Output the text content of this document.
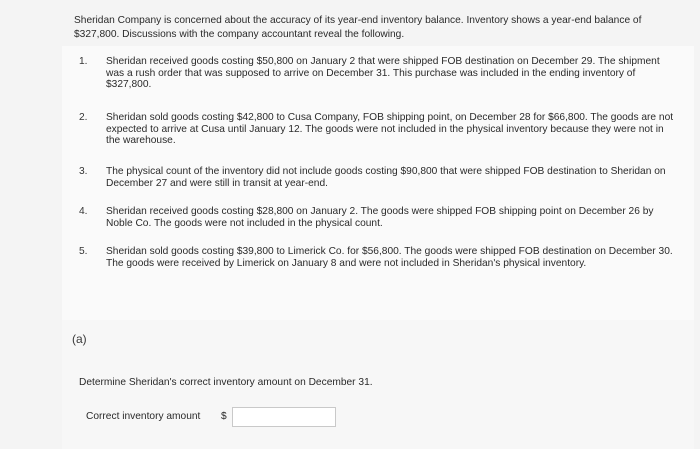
Sheridan Company is concerned about the accuracy of its year-end inventory balance. Inventory shows a year-end balance of $327,800. Discussions with the company accountant reveal the following.
1. Sheridan received goods costing $50,800 on January 2 that were shipped FOB destination on December 29. The shipment was a rush order that was supposed to arrive on December 31. This purchase was included in the ending inventory of $327,800.
2. Sheridan sold goods costing $42,800 to Cusa Company, FOB shipping point, on December 28 for $66,800. The goods are not expected to arrive at Cusa until January 12. The goods were not included in the physical inventory because they were not in the warehouse.
3. The physical count of the inventory did not include goods costing $90,800 that were shipped FOB destination to Sheridan on December 27 and were still in transit at year-end.
4. Sheridan received goods costing $28,800 on January 2. The goods were shipped FOB shipping point on December 26 by Noble Co. The goods were not included in the physical count.
5. Sheridan sold goods costing $39,800 to Limerick Co. for $56,800. The goods were shipped FOB destination on December 30. The goods were received by Limerick on January 8 and were not included in Sheridan's physical inventory.
(a)
Determine Sheridan's correct inventory amount on December 31.
Correct inventory amount $
